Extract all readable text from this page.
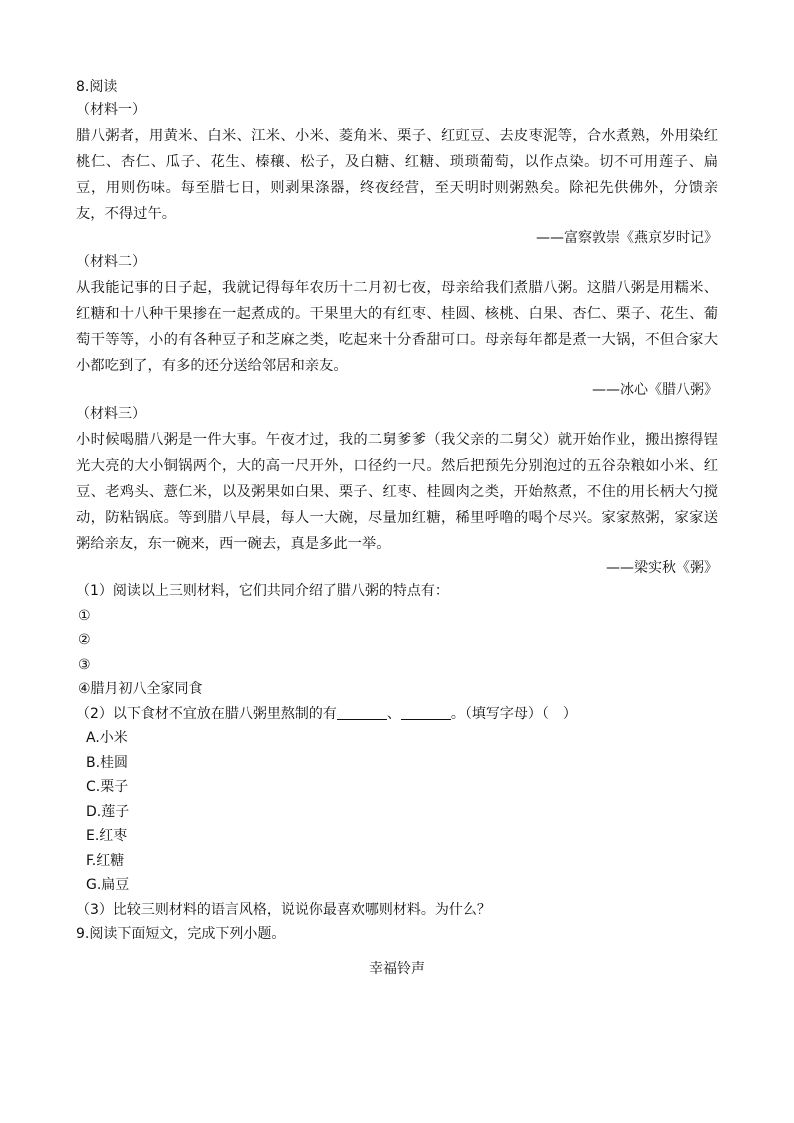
8.阅读
（材料一）

腊八粥者，用黄米、白米、江米、小米、菱角米、栗子、红豇豆、去皮枣泥等，合水煮熟，外用染红桃仁、杏仁、瓜子、花生、榛穰、松子，及白糖、红糖、琐琐葡萄，以作点染。切不可用莲子、扁豆，用则伤味。每至腊七日，则剥果涤器，终夜经营，至天明时则粥熟矣。除祀先供佛外，分馈亲友，不得过午。

——富察敦崇《燕京岁时记》
（材料二）

从我能记事的日子起，我就记得每年农历十二月初七夜，母亲给我们煮腊八粥。这腊八粥是用糯米、红糖和十八种干果掺在一起煮成的。干果里大的有红枣、桂圆、核桃、白果、杏仁、栗子、花生、葡萄干等等，小的有各种豆子和芝麻之类，吃起来十分香甜可口。母亲每年都是煮一大锅，不但合家大小都吃到了，有多的还分送给邻居和亲友。

——冰心《腊八粥》
（材料三）

小时候喝腊八粥是一件大事。午夜才过，我的二舅爹爹（我父亲的二舅父）就开始作业，搬出擦得锃光大亮的大小铜锅两个，大的高一尺开外，口径约一尺。然后把预先分别泡过的五谷杂粮如小米、红豆、老鸡头、薏仁米，以及粥果如白果、栗子、红枣、桂圆肉之类，开始熬煮，不住的用长柄大勺搅动，防粘锅底。等到腊八早晨，每人一大碗，尽量加红糖，稀里呼噜的喝个尽兴。家家熬粥，家家送粥给亲友，东一碗来，西一碗去，真是多此一举。

——梁实秋《粥》
（1）阅读以上三则材料，它们共同介绍了腊八粥的特点有：
①
②
③
④腊月初八全家同食
（2）以下食材不宜放在腊八粥里熬制的有	、	。（填写字母）（　）
A.小米
B.桂圆
C.栗子
D.莲子
E.红枣
F.红糖
G.扁豆
（3）比较三则材料的语言风格，说说你最喜欢哪则材料。为什么？
9.阅读下面短文，完成下列小题。
幸福铃声
